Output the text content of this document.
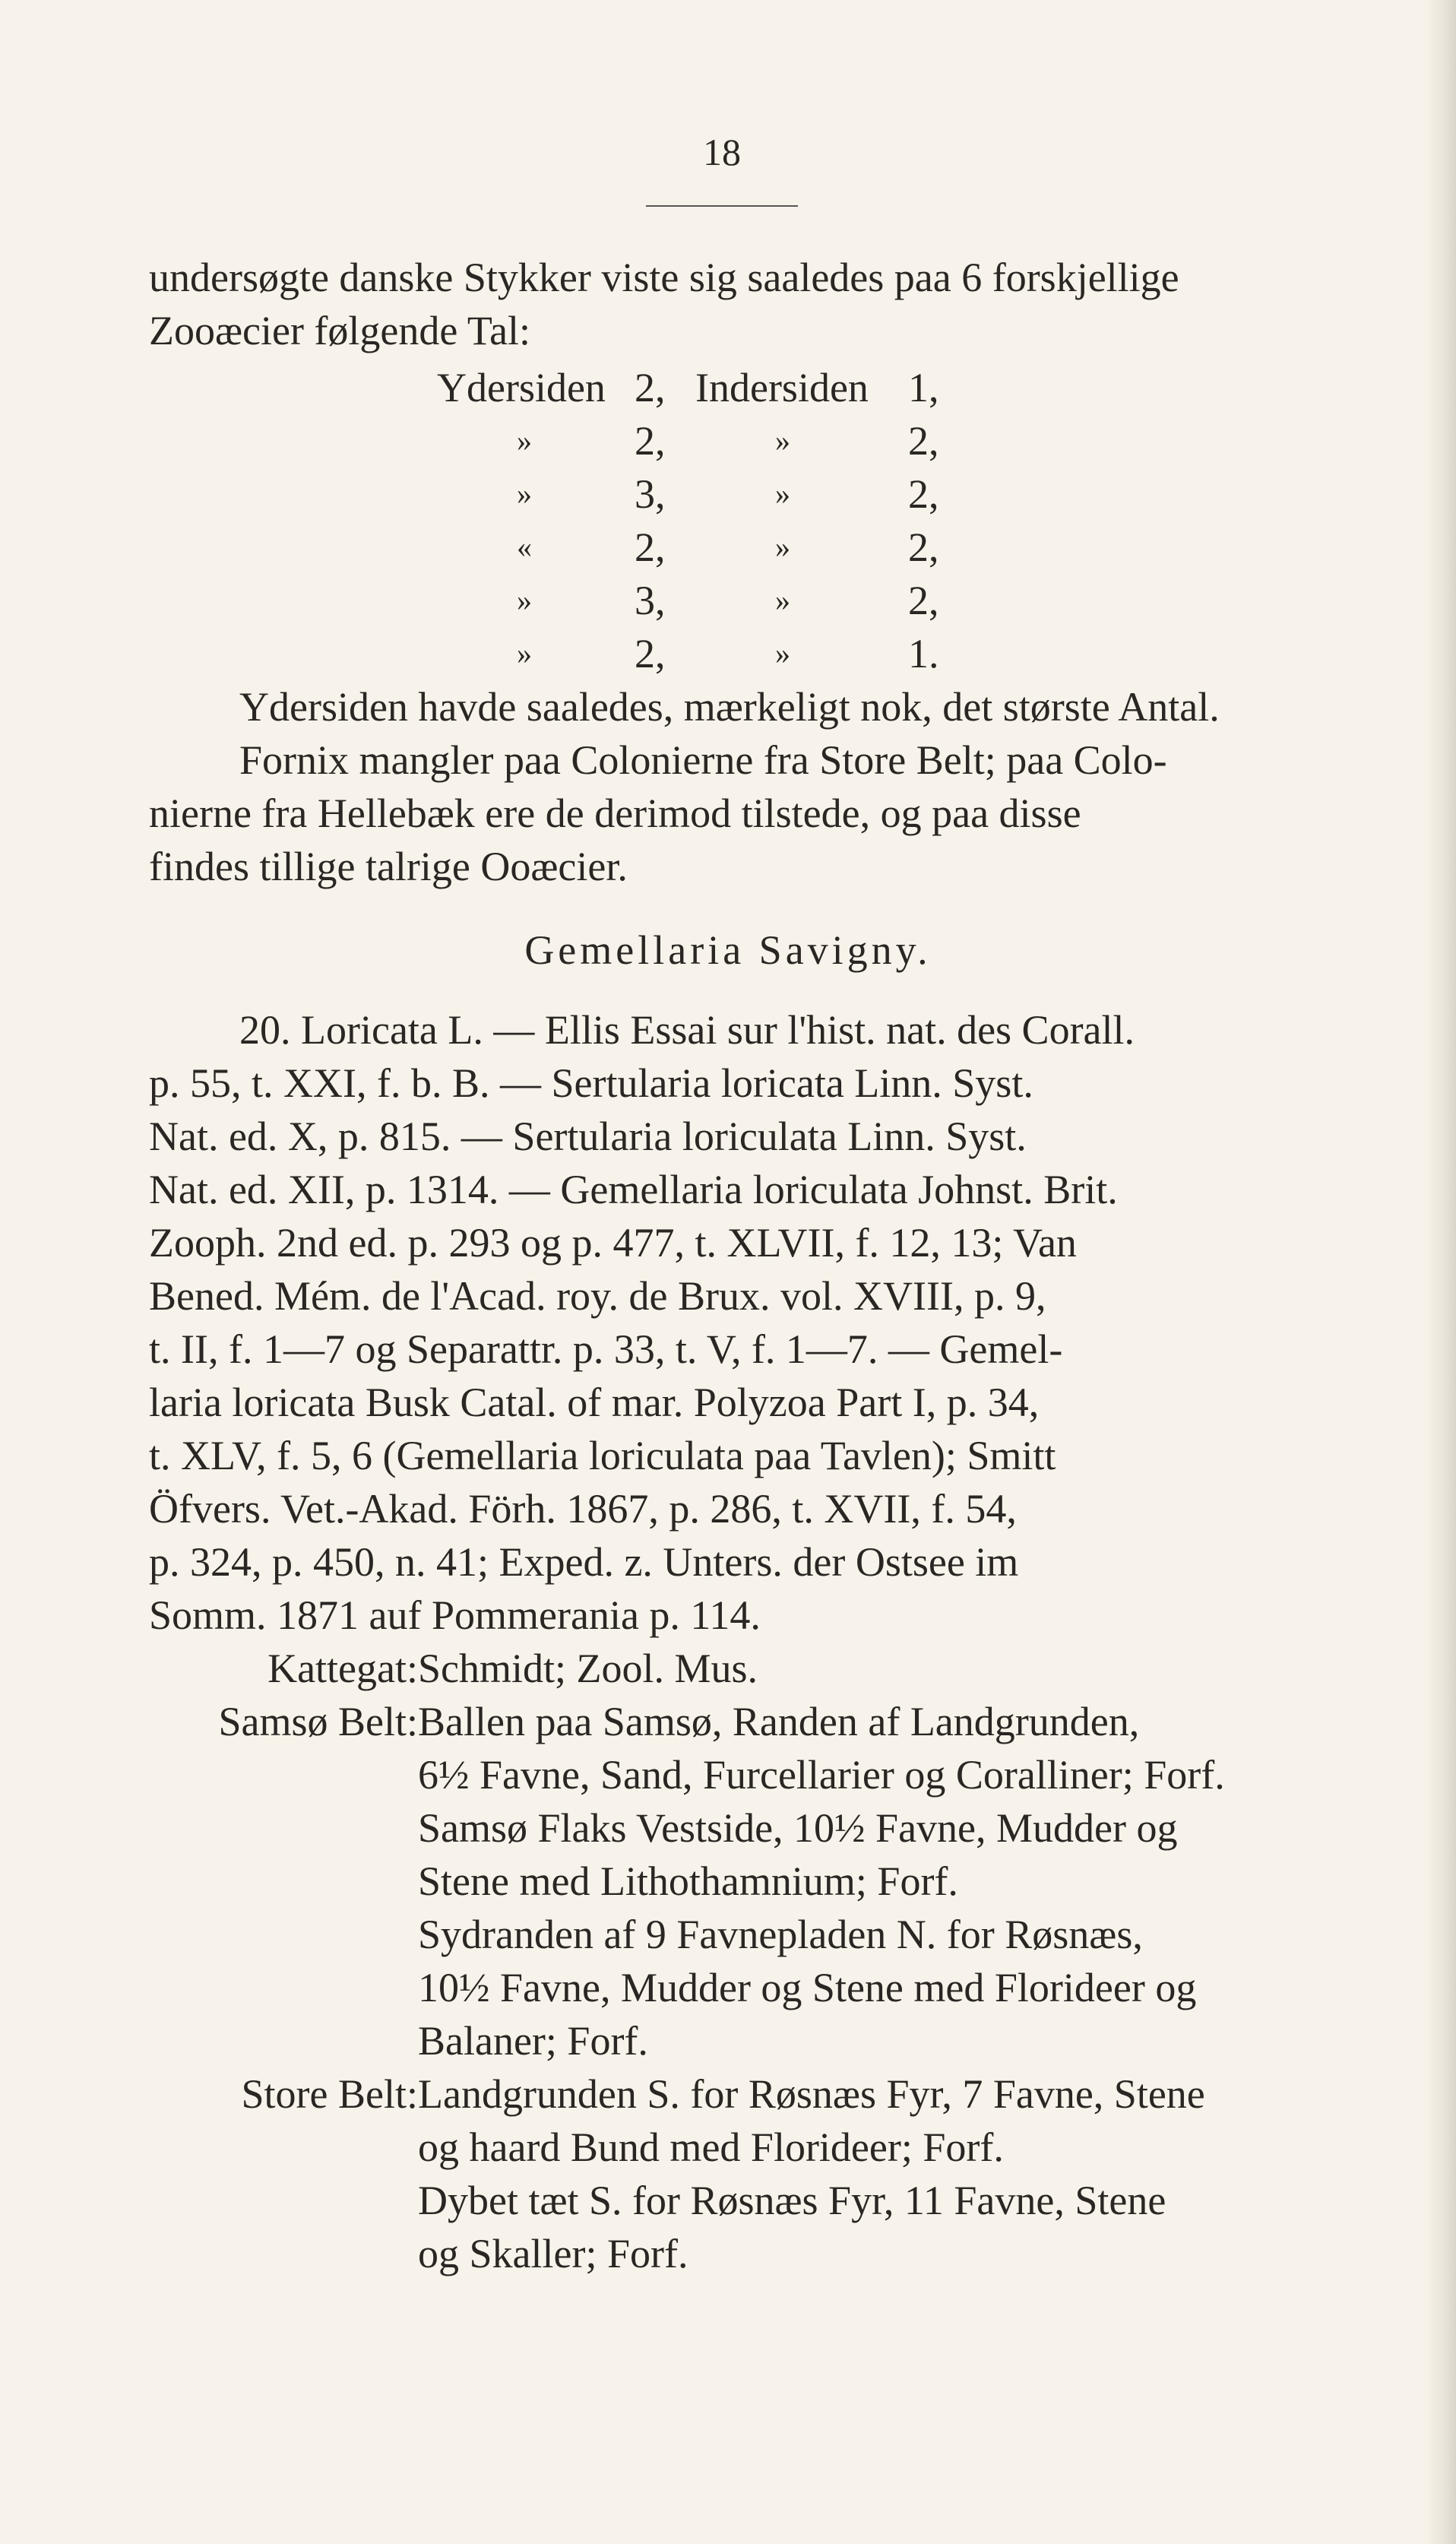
18
undersøgte danske Stykker viste sig saaledes paa 6 forskjellige
Zooæcier følgende Tal:
Ydersiden 2, Indersiden 1,
»	2,	»	2,
»	3,	»	2,
«	2,	»	2,
»	3,	»	2,
»	2,	»	1.
Ydersiden havde saaledes, mærkeligt nok, det største Antal.
Fornix mangler paa Colonierne fra Store Belt; paa Colo-
nierne fra Hellebæk ere de derimod tilstede, og paa disse
findes tillige talrige Ooæcier.
Gemellaria Savigny.
20. Loricata L. — Ellis Essai sur l'hist. nat. des Corall.
p. 55, t. XXI, f. b. B. — Sertularia loricata Linn. Syst.
Nat. ed. X, p. 815. — Sertularia loriculata Linn. Syst.
Nat. ed. XII, p. 1314. — Gemellaria loriculata Johnst. Brit.
Zooph. 2nd ed. p. 293 og p. 477, t. XLVII, f. 12, 13; Van
Bened. Mém. de l'Acad. roy. de Brux. vol. XVIII, p. 9,
t. II, f. 1—7 og Separattr. p. 33, t. V, f. 1—7. — Gemel-
laria loricata Busk Catal. of mar. Polyzoa Part I, p. 34,
t. XLV, f. 5, 6 (Gemellaria loriculata paa Tavlen); Smitt
Öfvers. Vet.-Akad. Förh. 1867, p. 286, t. XVII, f. 54,
p. 324, p. 450, n. 41; Exped. z. Unters. der Ostsee im
Somm. 1871 auf Pommerania p. 114.
Kattegat: Schmidt; Zool. Mus.
Samsø Belt: Ballen paa Samsø, Randen af Landgrunden,
6½ Favne, Sand, Furcellarier og Coralliner; Forf.
Samsø Flaks Vestside, 10½ Favne, Mudder og
Stene med Lithothamnium; Forf.
Sydranden af 9 Favnepladen N. for Røsnæs,
10½ Favne, Mudder og Stene med Florideer og
Balaner; Forf.
Store Belt: Landgrunden S. for Røsnæs Fyr, 7 Favne, Stene
og haard Bund med Florideer; Forf.
Dybet tæt S. for Røsnæs Fyr, 11 Favne, Stene
og Skaller; Forf.
